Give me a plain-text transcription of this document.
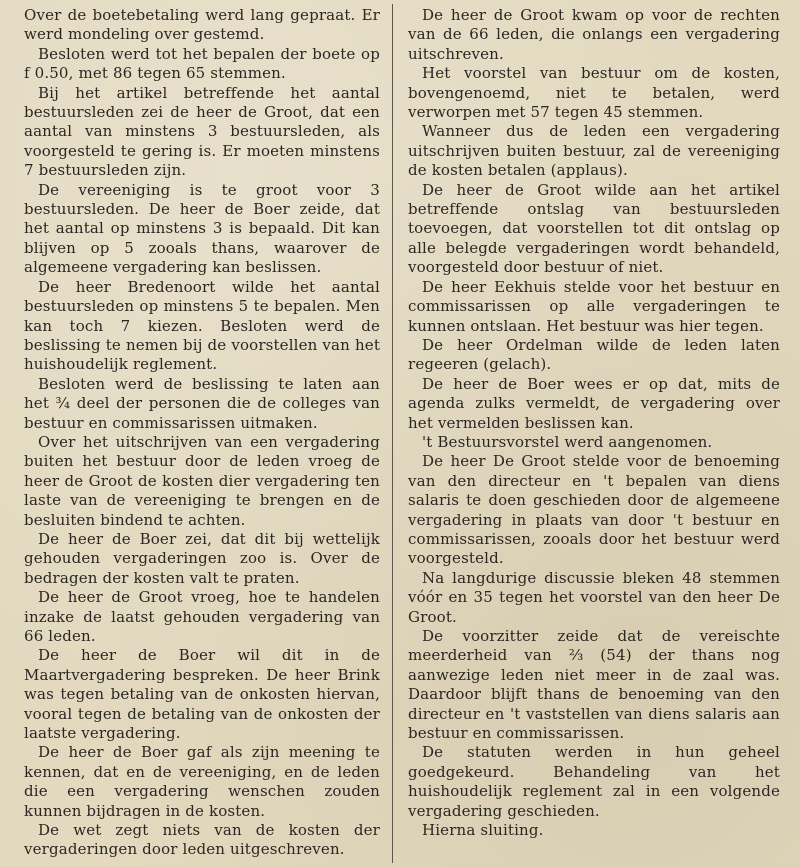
Over de boetebetaling werd lang gepraat. Er werd mondeling over gestemd.

Besloten werd tot het bepalen der boete op f 0.50, met 86 tegen 65 stemmen.

Bij het artikel betreffende het aantal bestuursleden zei de heer de Groot, dat een aantal van minstens 3 bestuursleden, als voorgesteld te gering is. Er moeten minstens 7 bestuursleden zijn.

De vereeniging is te groot voor 3 bestuursleden. De heer de Boer zeide, dat het aantal op minstens 3 is bepaald. Dit kan blijven op 5 zooals thans, waarover de algemeene vergadering kan beslissen.

De heer Bredenoort wilde het aantal bestuursleden op minstens 5 te bepalen. Men kan toch 7 kiezen. Besloten werd de beslissing te nemen bij de voorstellen van het huishoudelijk reglement.

Besloten werd de beslissing te laten aan het ¾ deel der personen die de colleges van bestuur en commissarissen uitmaken.

Over het uitschrijven van een vergadering buiten het bestuur door de leden vroeg de heer de Groot de kosten dier vergadering ten laste van de vereeniging te brengen en de besluiten bindend te achten.

De heer de Boer zei, dat dit bij wettelijk gehouden vergaderingen zoo is. Over de bedragen der kosten valt te praten.

De heer de Groot vroeg, hoe te handelen inzake de laatst gehouden vergadering van 66 leden.

De heer de Boer wil dit in de Maartvergadering bespreken. De heer Brink was tegen betaling van de onkosten hiervan, vooral tegen de betaling van de onkosten der laatste vergadering.

De heer de Boer gaf als zijn meening te kennen, dat en de vereeniging, en de leden die een vergadering wenschen zouden kunnen bijdragen in de kosten.

De wet zegt niets van de kosten der vergaderingen door leden uitgeschreven.

De heer de Groot kwam op voor de rechten van de 66 leden, die onlangs een vergadering uitschreven.

Het voorstel van bestuur om de kosten, bovengenoemd, niet te betalen, werd verworpen met 57 tegen 45 stemmen.

Wanneer dus de leden een vergadering uitschrijven buiten bestuur, zal de vereeniging de kosten betalen (applaus).

De heer de Groot wilde aan het artikel betreffende ontslag van bestuursleden toevoegen, dat voorstellen tot dit ontslag op alle belegde vergaderingen wordt behandeld, voorgesteld door bestuur of niet.

De heer Eekhuis stelde voor het bestuur en commissarissen op alle vergaderingen te kunnen ontslaan. Het bestuur was hier tegen.

De heer Ordelman wilde de leden laten regeeren (gelach).

De heer de Boer wees er op dat, mits de agenda zulks vermeldt, de vergadering over het vermelden beslissen kan.

't Bestuursvorstel werd aangenomen.

De heer De Groot stelde voor de benoeming van den directeur en 't bepalen van diens salaris te doen geschieden door de algemeene vergadering in plaats van door 't bestuur en commissarissen, zooals door het bestuur werd voorgesteld.

Na langdurige discussie bleken 48 stemmen vóór en 35 tegen het voorstel van den heer De Groot.

De voorzitter zeide dat de vereischte meerderheid van ⅔ (54) der thans nog aanwezige leden niet meer in de zaal was. Daardoor blijft thans de benoeming van den directeur en 't vaststellen van diens salaris aan bestuur en commissarissen.

De statuten werden in hun geheel goedgekeurd. Behandeling van het huishoudelijk reglement zal in een volgende vergadering geschieden.

Hierna sluiting.
